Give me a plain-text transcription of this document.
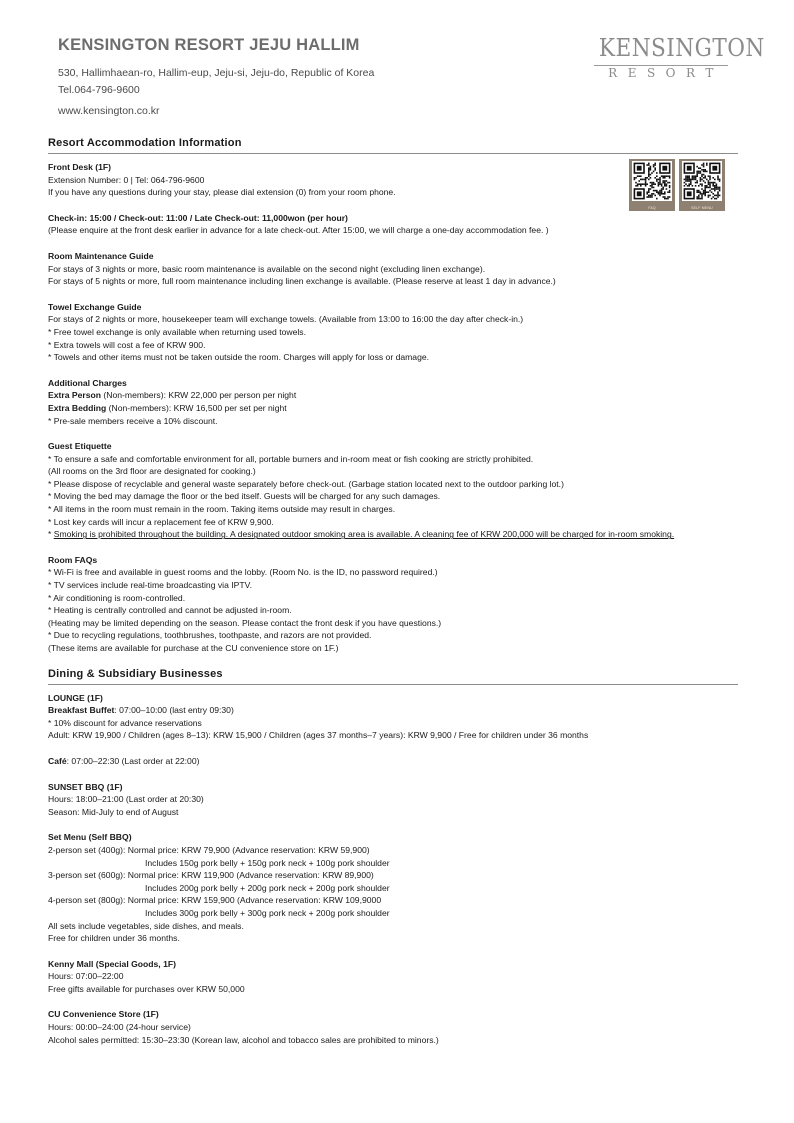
KENSINGTON RESORT JEJU HALLIM
530, Hallimhaean-ro, Hallim-eup, Jeju-si, Jeju-do, Republic of Korea
Tel.064-796-9600
www.kensington.co.kr
KENSINGTON
RESORT
FAQ	SELF MENU
Resort Accommodation Information
Front Desk (1F)
Extension Number: 0 | Tel: 064-796-9600
If you have any questions during your stay, please dial extension (0) from your room phone.
Check-in: 15:00 / Check-out: 11:00 / Late Check-out: 11,000won (per hour)
(Please enquire at the front desk earlier in advance for a late check-out. After 15:00, we will charge a one-day accommodation fee. )
Room Maintenance Guide
For stays of 3 nights or more, basic room maintenance is available on the second night (excluding linen exchange).
For stays of 5 nights or more, full room maintenance including linen exchange is available. (Please reserve at least 1 day in advance.)
Towel Exchange Guide
For stays of 2 nights or more, housekeeper team will exchange towels. (Available from 13:00 to 16:00 the day after check-in.)
* Free towel exchange is only available when returning used towels.
* Extra towels will cost a fee of KRW 900.
* Towels and other items must not be taken outside the room. Charges will apply for loss or damage.
Additional Charges
Extra Person (Non-members): KRW 22,000 per person per night
Extra Bedding (Non-members): KRW 16,500 per set per night
* Pre-sale members receive a 10% discount.
Guest Etiquette
* To ensure a safe and comfortable environment for all, portable burners and in-room meat or fish cooking are strictly prohibited.
(All rooms on the 3rd floor are designated for cooking.)
* Please dispose of recyclable and general waste separately before check-out. (Garbage station located next to the outdoor parking lot.)
* Moving the bed may damage the floor or the bed itself. Guests will be charged for any such damages.
* All items in the room must remain in the room. Taking items outside may result in charges.
* Lost key cards will incur a replacement fee of KRW 9,900.
* Smoking is prohibited throughout the building. A designated outdoor smoking area is available. A cleaning fee of KRW 200,000 will be charged for in-room smoking.
Room FAQs
* Wi-Fi is free and available in guest rooms and the lobby. (Room No. is the ID, no password required.)
* TV services include real-time broadcasting via IPTV.
* Air conditioning is room-controlled.
* Heating is centrally controlled and cannot be adjusted in-room.
(Heating may be limited depending on the season. Please contact the front desk if you have questions.)
* Due to recycling regulations, toothbrushes, toothpaste, and razors are not provided.
(These items are available for purchase at the CU convenience store on 1F.)
Dining & Subsidiary Businesses
LOUNGE (1F)
Breakfast Buffet: 07:00–10:00 (last entry 09:30)
* 10% discount for advance reservations
Adult: KRW 19,900 / Children (ages 8–13): KRW 15,900 / Children (ages 37 months–7 years): KRW 9,900 / Free for children under 36 months
Café: 07:00–22:30 (Last order at 22:00)
SUNSET BBQ (1F)
Hours: 18:00–21:00 (Last order at 20:30)
Season: Mid-July to end of August
Set Menu (Self BBQ)
2-person set (400g): Normal price: KRW 79,900 (Advance reservation: KRW 59,900)
Includes 150g pork belly + 150g pork neck + 100g pork shoulder
3-person set (600g): Normal price: KRW 119,900 (Advance reservation: KRW 89,900)
Includes 200g pork belly + 200g pork neck + 200g pork shoulder
4-person set (800g): Normal price: KRW 159,900 (Advance reservation: KRW 109,9000
Includes 300g pork belly + 300g pork neck + 200g pork shoulder
All sets include vegetables, side dishes, and meals.
Free for children under 36 months.
Kenny Mall (Special Goods, 1F)
Hours: 07:00–22:00
Free gifts available for purchases over KRW 50,000
CU Convenience Store (1F)
Hours: 00:00–24:00 (24-hour service)
Alcohol sales permitted: 15:30–23:30 (Korean law, alcohol and tobacco sales are prohibited to minors.)
